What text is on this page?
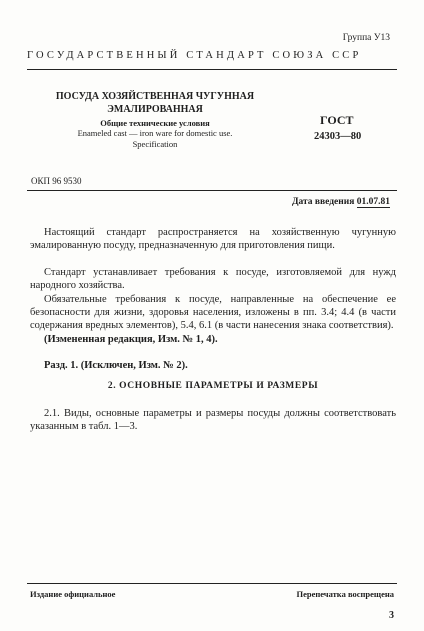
Группа У13
ГОСУДАРСТВЕННЫЙ СТАНДАРТ СОЮЗА ССР
ПОСУДА ХОЗЯЙСТВЕННАЯ ЧУГУННАЯ
ЭМАЛИРОВАННАЯ
Общие технические условия
Enameled cast — iron ware for domestic use.
Specification
ГОСТ
24303—80
ОКП 96 9530
Дата введения 01.07.81
Настоящий стандарт распространяется на хозяйственную чугунную эмалированную посуду, предназначенную для приготовления пищи.
Стандарт устанавливает требования к посуде, изготовляемой для нужд народного хозяйства.
Обязательные требования к посуде, направленные на обеспечение ее безопасности для жизни, здоровья населения, изложены в пп. 3.4; 4.4 (в части содержания вредных элементов), 5.4, 6.1 (в части нанесения знака соответствия).
(Измененная редакция, Изм. № 1, 4).
Разд. 1. (Исключен, Изм. № 2).
2. ОСНОВНЫЕ ПАРАМЕТРЫ И РАЗМЕРЫ
2.1. Виды, основные параметры и размеры посуды должны соответствовать указанным в табл. 1—3.
Издание официальное	Перепечатка воспрещена
3
